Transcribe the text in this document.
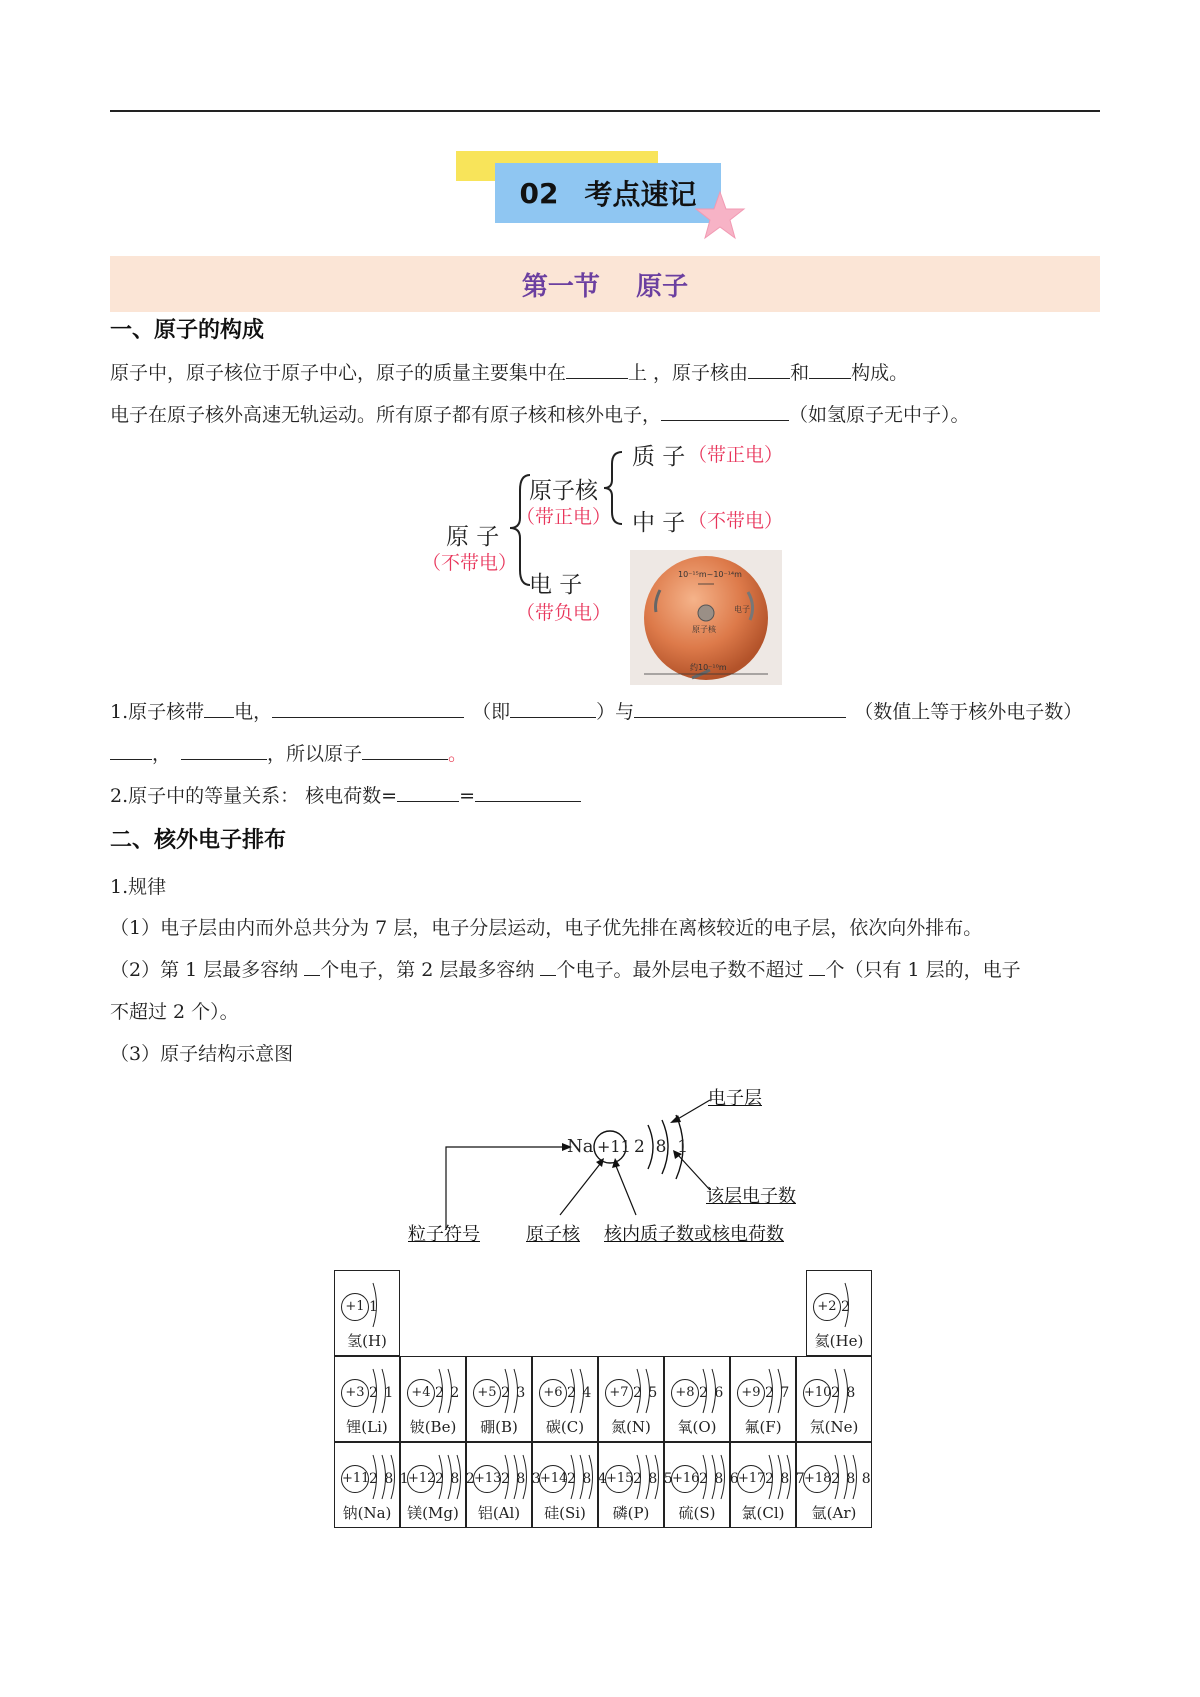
02 考点速记
第一节    原子
一、原子的构成
原子中，原子核位于原子中心，原子的质量主要集中在	上 ，原子核由 和 构成。
电子在原子核外高速无轨运动。所有原子都有原子核和核外电子，	（如氢原子无中子）。
原 子
（不带电）
原子核
（带正电）
质 子 （带正电）
中 子 （不带电）
电 子
（带负电）
10⁻¹⁵m~10⁻¹⁴m
电子
原子核
约10⁻¹⁰m
1.原子核带 电，	（即	）与	（数值上等于核外电子数）
，	，所以原子	。
2.原子中的等量关系： 核电荷数=	=
二、核外电子排布
1.规律
（1）电子层由内而外总共分为 7 层，电子分层运动，电子优先排在离核较近的电子层，依次向外排布。
（2）第 1 层最多容纳 个电子，第 2 层最多容纳 个电子。最外层电子数不超过 个（只有 1 层的，电子
不超过 2 个）。
（3）原子结构示意图
Na +11 2  8  1
电子层
该层电子数
粒子符号	原子核 核内质子数或核电荷数
+1 1
氢(H)
+2 2
氦(He)
+3 2 1
锂(Li)
+4 2 2
铍(Be)
+5 2 3
硼(B)
+6 2 4
碳(C)
+7 2 5
氮(N)
+8 2 6
氧(O)
+9 2 7
氟(F)
+10 2 8
氖(Ne)
+11 2 8 1
钠(Na)
+12 2 8 2
镁(Mg)
+13 2 8 3
铝(Al)
+14 2 8 4
硅(Si)
+15 2 8 5
磷(P)
+16 2 8 6
硫(S)
+17 2 8 7
氯(Cl)
+18 2 8 8
氩(Ar)
